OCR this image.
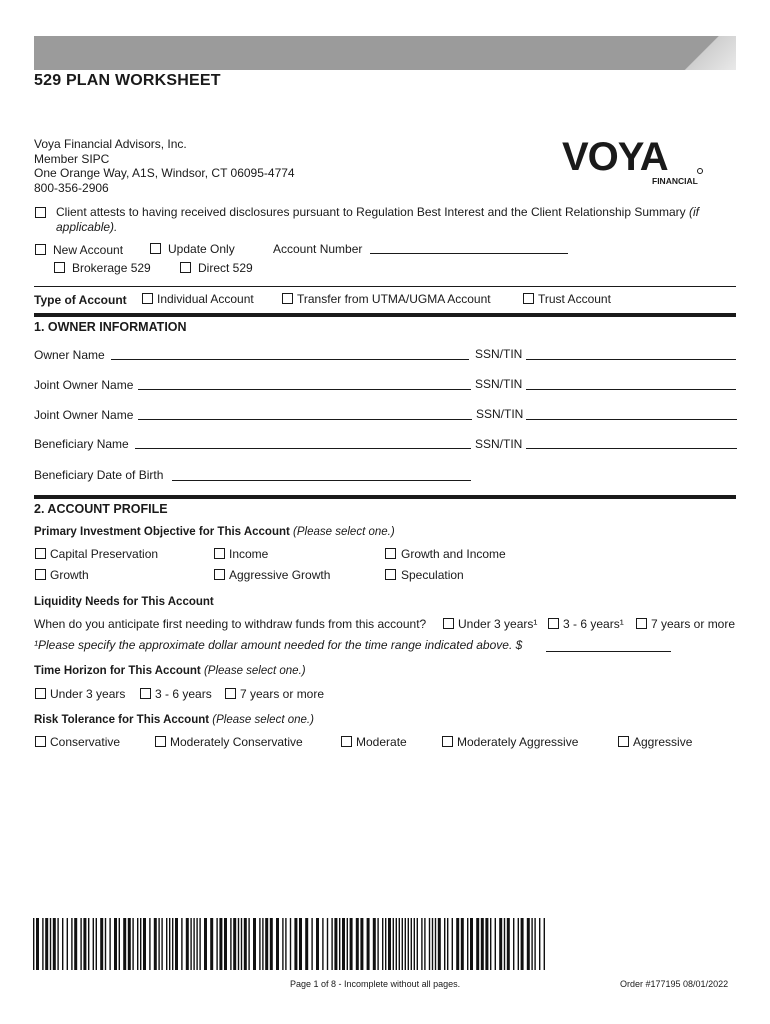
529 PLAN WORKSHEET
Voya Financial Advisors, Inc.
Member SIPC
One Orange Way, A1S, Windsor, CT 06095-4774
800-356-2906
VOYA
FINANCIAL
Client attests to having received disclosures pursuant to Regulation Best Interest and the Client Relationship Summary (if
applicable).
New Account	Update Only	Account Number
Brokerage 529	Direct 529
Type of Account	Individual Account	Transfer from UTMA/UGMA Account	Trust Account
1. OWNER INFORMATION
Owner Name	SSN/TIN
Joint Owner Name	SSN/TIN
Joint Owner Name	SSN/TIN
Beneficiary Name	SSN/TIN
Beneficiary Date of Birth
2. ACCOUNT PROFILE
Primary Investment Objective for This Account (Please select one.)
Capital Preservation	Income	Growth and Income
Growth	Aggressive Growth	Speculation
Liquidity Needs for This Account
When do you anticipate first needing to withdraw funds from this account?	Under 3 years¹ 3 - 6 years¹ 7 years or more
¹Please specify the approximate dollar amount needed for the time range indicated above. $
Time Horizon for This Account (Please select one.)
Under 3 years 3 - 6 years 7 years or more
Risk Tolerance for This Account (Please select one.)
Conservative	Moderately Conservative	Moderate	Moderately Aggressive	Aggressive
Page 1 of 8 - Incomplete without all pages.	Order #177195 08/01/2022
